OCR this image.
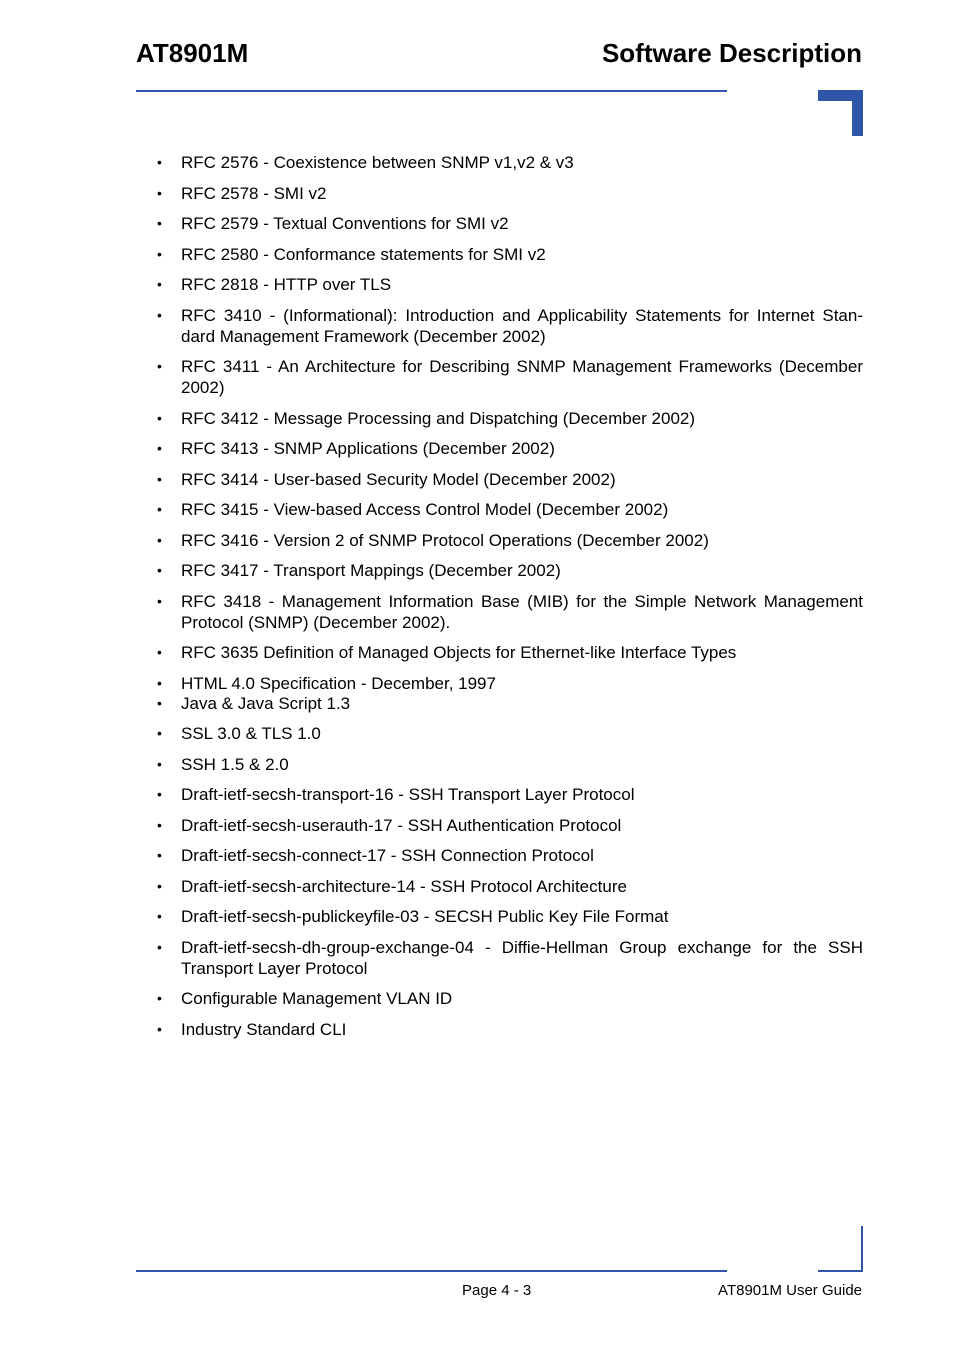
AT8901M	Software Description
•	RFC 2576 - Coexistence between SNMP v1,v2 & v3
•	RFC 2578 - SMI v2
•	RFC 2579 - Textual Conventions for SMI v2
•	RFC 2580 - Conformance statements for SMI v2
•	RFC 2818 - HTTP over TLS
•	RFC 3410 - (Informational): Introduction and Applicability Statements for Internet Stan-dard Management Framework (December 2002)
•	RFC 3411 - An Architecture for Describing SNMP Management Frameworks (December 2002)
•	RFC 3412 - Message Processing and Dispatching (December 2002)
•	RFC 3413 - SNMP Applications (December 2002)
•	RFC 3414 - User-based Security Model (December 2002)
•	RFC 3415 - View-based Access Control Model (December 2002)
•	RFC 3416 - Version 2 of SNMP Protocol Operations (December 2002)
•	RFC 3417 - Transport Mappings (December 2002)
•	RFC 3418 - Management Information Base (MIB) for the Simple Network Management Protocol (SNMP) (December 2002).
•	RFC 3635 Definition of Managed Objects for Ethernet-like Interface Types
•	HTML 4.0 Specification - December, 1997
•	Java & Java Script 1.3
•	SSL 3.0 & TLS 1.0
•	SSH 1.5 & 2.0
•	Draft-ietf-secsh-transport-16 - SSH Transport Layer Protocol
•	Draft-ietf-secsh-userauth-17 - SSH Authentication Protocol
•	Draft-ietf-secsh-connect-17 - SSH Connection Protocol
•	Draft-ietf-secsh-architecture-14 - SSH Protocol Architecture
•	Draft-ietf-secsh-publickeyfile-03 - SECSH Public Key File Format
•	Draft-ietf-secsh-dh-group-exchange-04 - Diffie-Hellman Group exchange for the SSH Transport Layer Protocol
•	Configurable Management VLAN ID
•	Industry Standard CLI
Page 4 - 3	AT8901M User Guide
